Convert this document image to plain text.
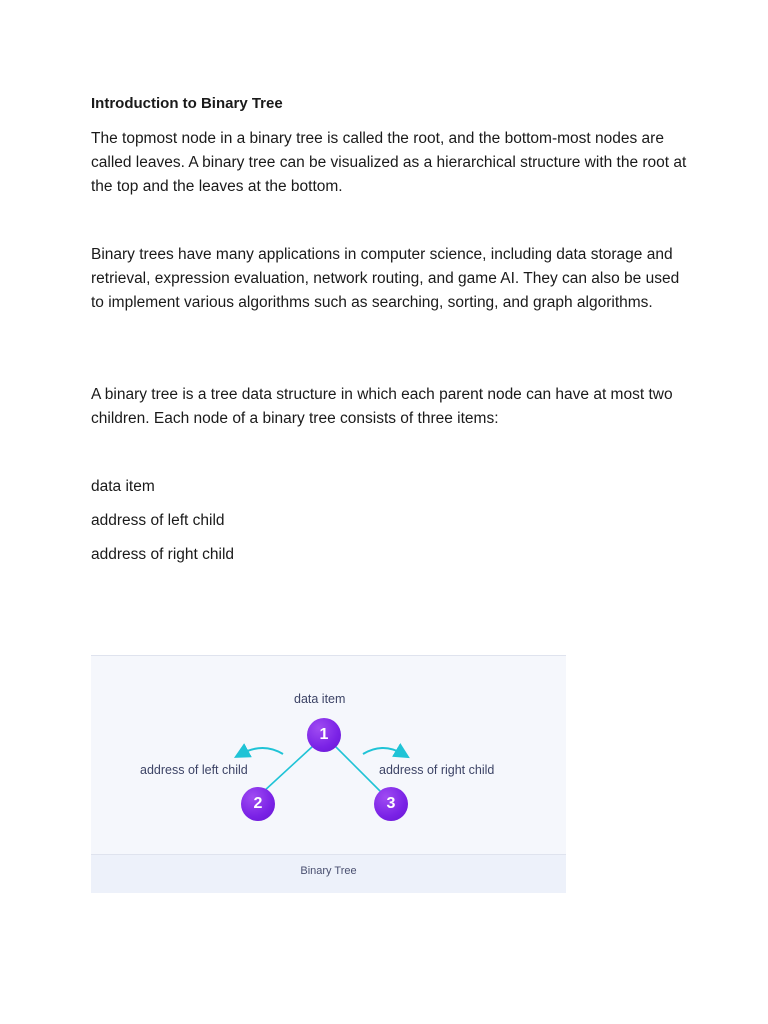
Introduction to Binary Tree

The topmost node in a binary tree is called the root, and the bottom-most nodes are called leaves. A binary tree can be visualized as a hierarchical structure with the root at the top and the leaves at the bottom.

Binary trees have many applications in computer science, including data storage and retrieval, expression evaluation, network routing, and game AI. They can also be used to implement various algorithms such as searching, sorting, and graph algorithms.

A binary tree is a tree data structure in which each parent node can have at most two children. Each node of a binary tree consists of three items:

data item

address of left child

address of right child

data item
address of left child	address of right child
1
2	3
Binary Tree
